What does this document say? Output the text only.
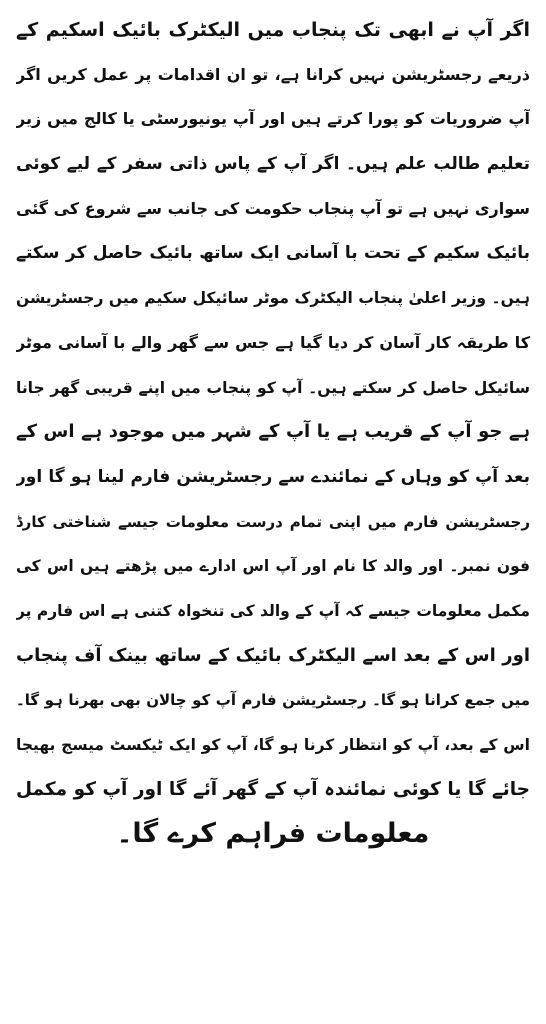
اگر آپ نے ابھی تک پنجاب میں الیکٹرک بائیک اسکیم کے
ذریعے رجسٹریشن نہیں کرانا ہے، تو ان اقدامات پر عمل کریں اگر
آپ ضروریات کو پورا کرتے ہیں اور آپ یونیورسٹی یا کالج میں زیر
تعلیم طالب علم ہیں۔ اگر آپ کے پاس ذاتی سفر کے لیے کوئی
سواری نہیں ہے تو آپ پنجاب حکومت کی جانب سے شروع کی گئی
بائیک سکیم کے تحت با آسانی ایک ساتھ بائیک حاصل کر سکتے
ہیں۔ وزیر اعلیٰ پنجاب الیکٹرک موٹر سائیکل سکیم میں رجسٹریشن
کا طریقہ کار آسان کر دیا گیا ہے جس سے گھر والے با آسانی موٹر
سائیکل حاصل کر سکتے ہیں۔ آپ کو پنجاب میں اپنے قریبی گھر جانا
ہے جو آپ کے قریب ہے یا آپ کے شہر میں موجود ہے اس کے
بعد آپ کو وہاں کے نمائندے سے رجسٹریشن فارم لینا ہو گا اور
رجسٹریشن فارم میں اپنی تمام درست معلومات جیسے شناختی کارڈ
فون نمبر۔ اور والد کا نام اور آپ اس ادارے میں پڑھتے ہیں اس کی
مکمل معلومات جیسے کہ آپ کے والد کی تنخواہ کتنی ہے اس فارم پر
اور اس کے بعد اسے الیکٹرک بائیک کے ساتھ بینک آف پنجاب
میں جمع کرانا ہو گا۔ رجسٹریشن فارم آپ کو چالان بھی بھرنا ہو گا۔
اس کے بعد، آپ کو انتظار کرنا ہو گا، آپ کو ایک ٹیکسٹ میسج بھیجا
جائے گا یا کوئی نمائندہ آپ کے گھر آئے گا اور آپ کو مکمل
معلومات فراہم کرے گا۔
